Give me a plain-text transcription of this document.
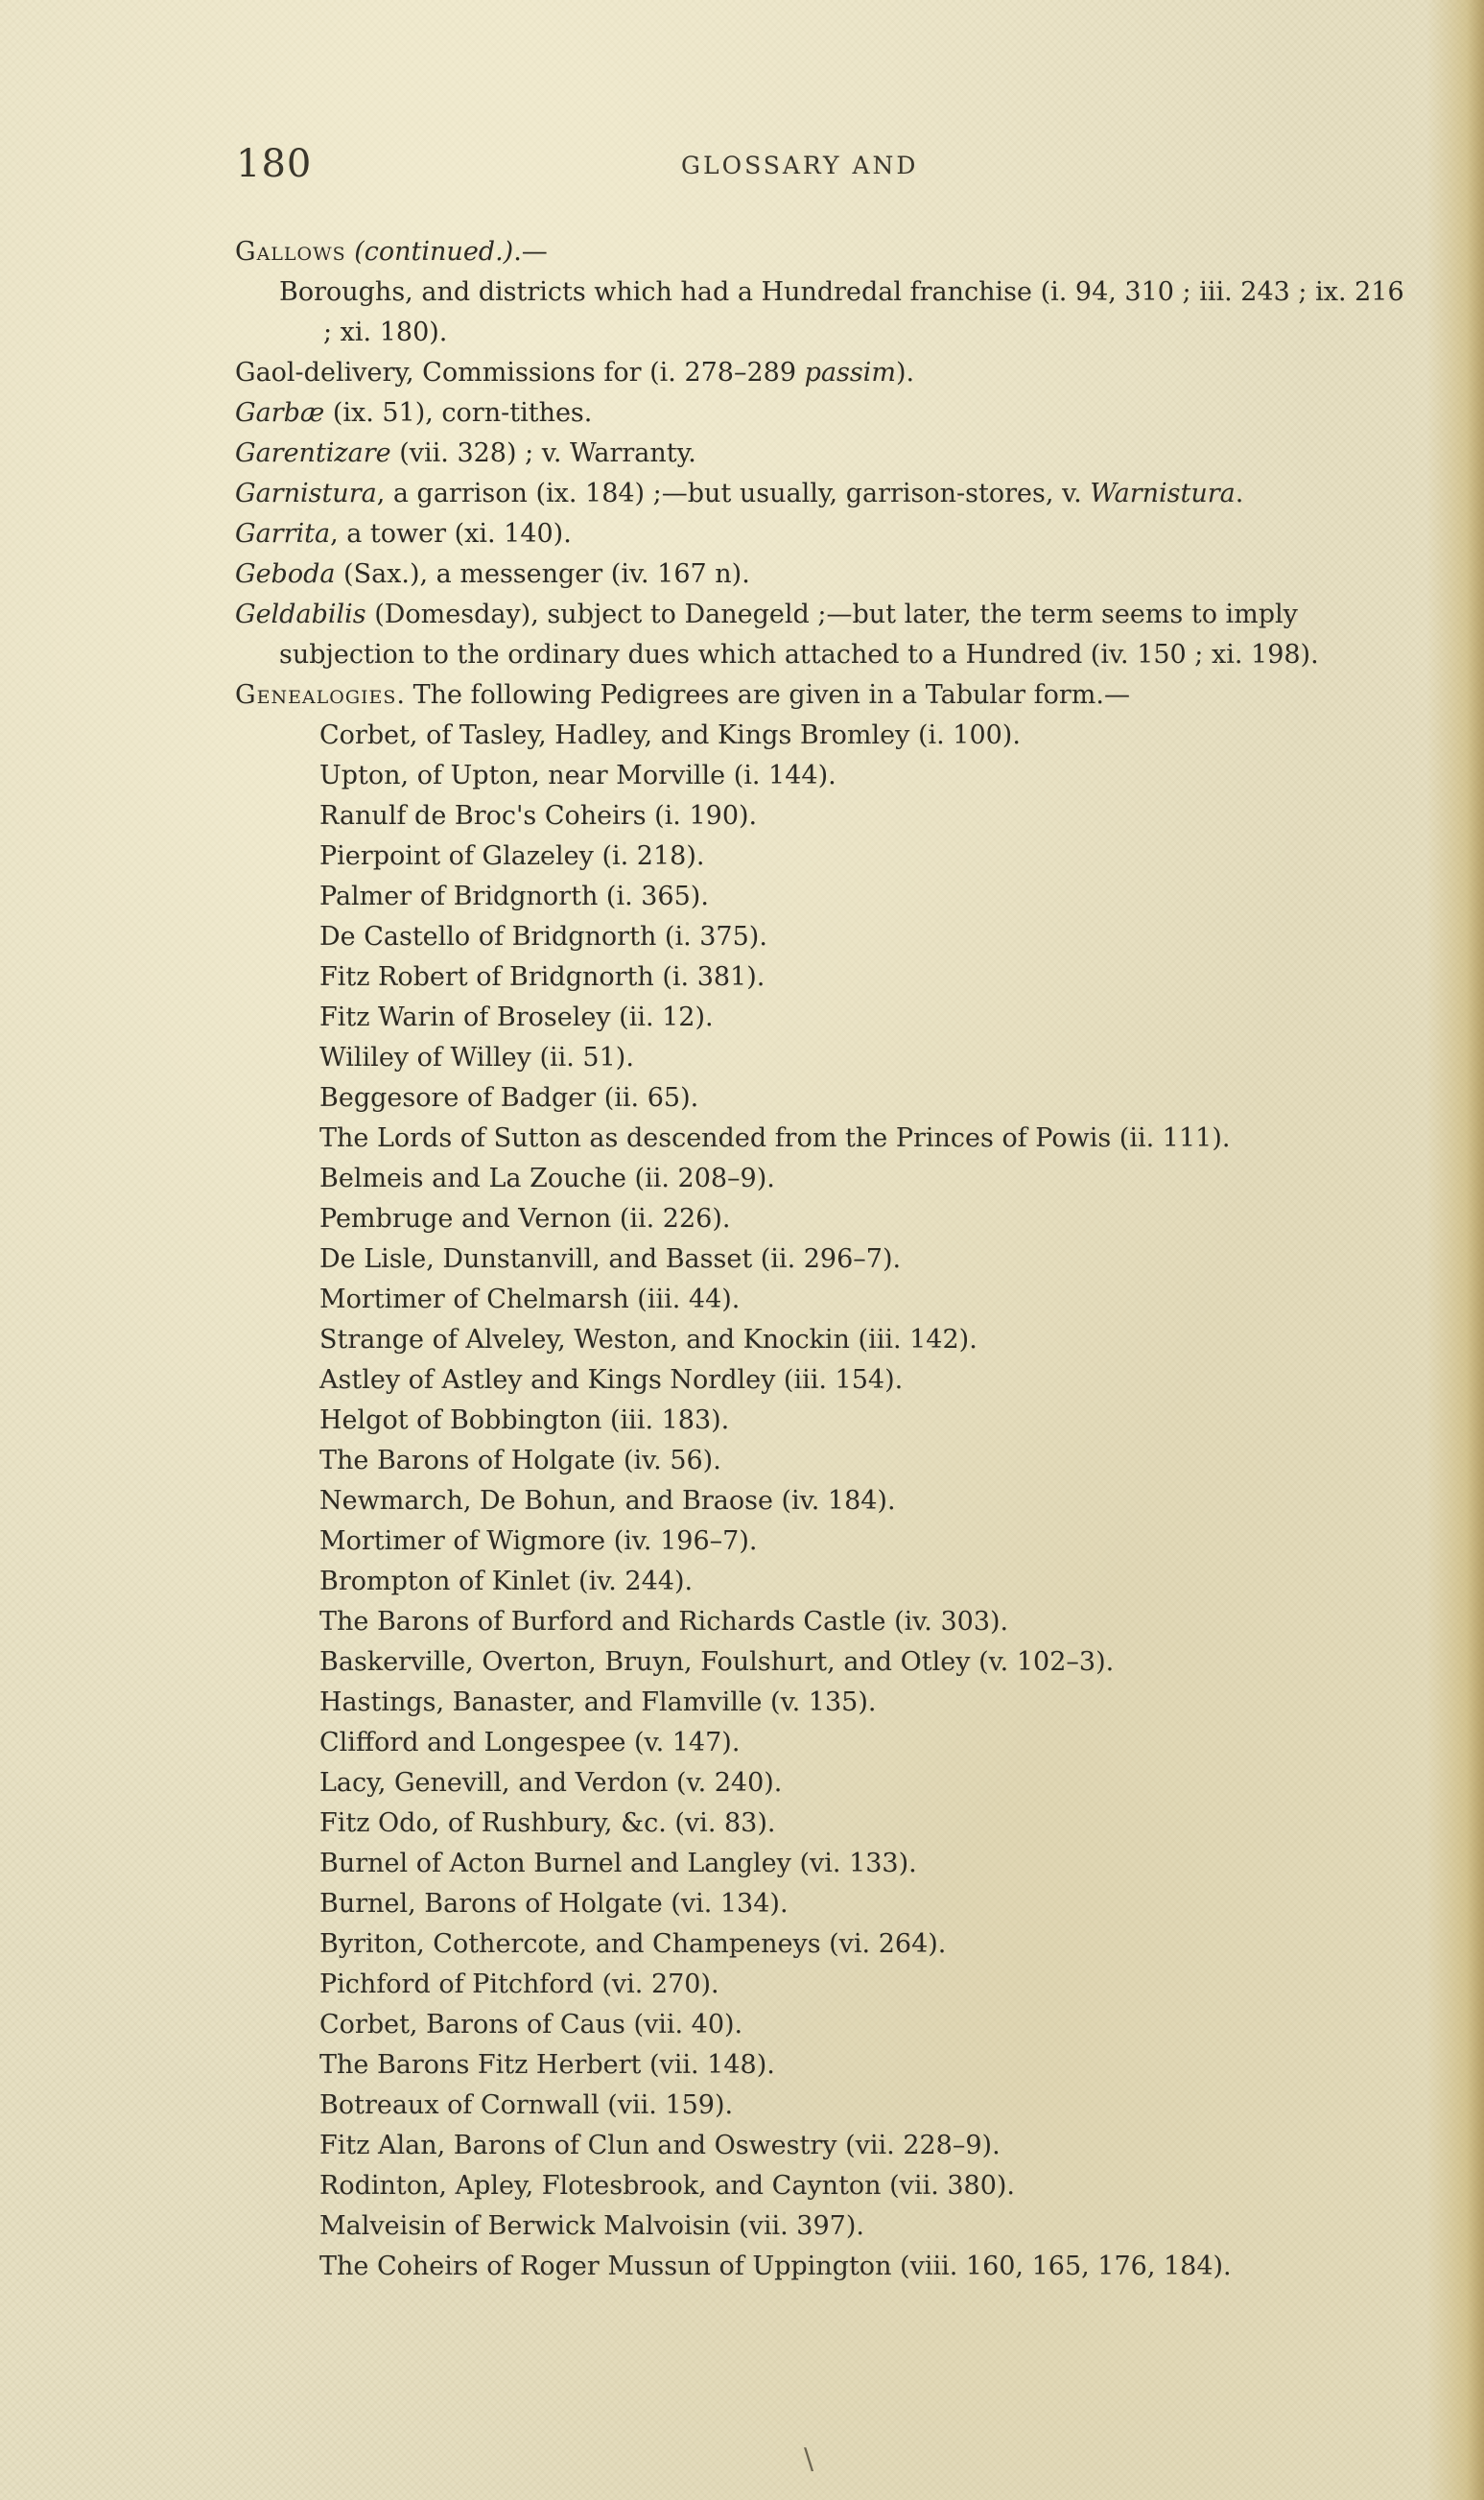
180	GLOSSARY AND

Gallows (continued.).—

Boroughs, and districts which had a Hundredal franchise (i. 94, 310 ; iii. 243 ; ix. 216 ; xi. 180).

Gaol-delivery, Commissions for (i. 278–289 passim).

Garbæ (ix. 51), corn-tithes.

Garentizare (vii. 328) ; v. Warranty.

Garnistura, a garrison (ix. 184) ;—but usually, garrison-stores, v. Warnistura.

Garrita, a tower (xi. 140).

Geboda (Sax.), a messenger (iv. 167 n).

Geldabilis (Domesday), subject to Danegeld ;—but later, the term seems to imply subjection to the ordinary dues which attached to a Hundred (iv. 150 ; xi. 198).

Genealogies. The following Pedigrees are given in a Tabular form.—

Corbet, of Tasley, Hadley, and Kings Bromley (i. 100).
Upton, of Upton, near Morville (i. 144).
Ranulf de Broc's Coheirs (i. 190).
Pierpoint of Glazeley (i. 218).
Palmer of Bridgnorth (i. 365).
De Castello of Bridgnorth (i. 375).
Fitz Robert of Bridgnorth (i. 381).
Fitz Warin of Broseley (ii. 12).
Wililey of Willey (ii. 51).
Beggesore of Badger (ii. 65).
The Lords of Sutton as descended from the Princes of Powis (ii. 111).
Belmeis and La Zouche (ii. 208–9).
Pembruge and Vernon (ii. 226).
De Lisle, Dunstanvill, and Basset (ii. 296–7).
Mortimer of Chelmarsh (iii. 44).
Strange of Alveley, Weston, and Knockin (iii. 142).
Astley of Astley and Kings Nordley (iii. 154).
Helgot of Bobbington (iii. 183).
The Barons of Holgate (iv. 56).
Newmarch, De Bohun, and Braose (iv. 184).
Mortimer of Wigmore (iv. 196–7).
Brompton of Kinlet (iv. 244).
The Barons of Burford and Richards Castle (iv. 303).
Baskerville, Overton, Bruyn, Foulshurt, and Otley (v. 102–3).
Hastings, Banaster, and Flamville (v. 135).
Clifford and Longespee (v. 147).
Lacy, Genevill, and Verdon (v. 240).
Fitz Odo, of Rushbury, &c. (vi. 83).
Burnel of Acton Burnel and Langley (vi. 133).
Burnel, Barons of Holgate (vi. 134).
Byriton, Cothercote, and Champeneys (vi. 264).
Pichford of Pitchford (vi. 270).
Corbet, Barons of Caus (vii. 40).
The Barons Fitz Herbert (vii. 148).
Botreaux of Cornwall (vii. 159).
Fitz Alan, Barons of Clun and Oswestry (vii. 228–9).
Rodinton, Apley, Flotesbrook, and Caynton (vii. 380).
Malveisin of Berwick Malvoisin (vii. 397).
The Coheirs of Roger Mussun of Uppington (viii. 160, 165, 176, 184).
\
